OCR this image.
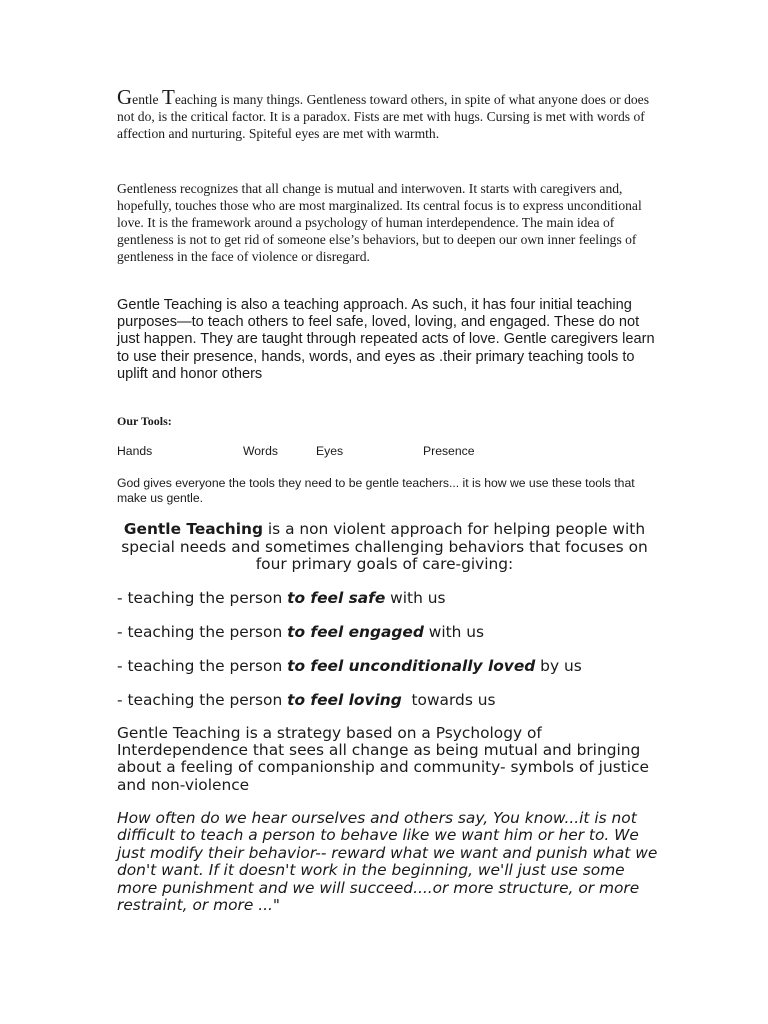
Gentle Teaching is many things. Gentleness toward others, in spite of what anyone does or does not do, is the critical factor. It is a paradox. Fists are met with hugs. Cursing is met with words of affection and nurturing. Spiteful eyes are met with warmth.
Gentleness recognizes that all change is mutual and interwoven. It starts with caregivers and, hopefully, touches those who are most marginalized. Its central focus is to express unconditional love. It is the framework around a psychology of human interdependence. The main idea of gentleness is not to get rid of someone else’s behaviors, but to deepen our own inner feelings of gentleness in the face of violence or disregard.
Gentle Teaching is also a teaching approach. As such, it has four initial teaching purposes—to teach others to feel safe, loved, loving, and engaged. These do not just happen. They are taught through repeated acts of love. Gentle caregivers learn to use their presence, hands, words, and eyes as .their primary teaching tools to uplift and honor others
Our Tools:
Hands	Words	Eyes	Presence
God gives everyone the tools they need to be gentle teachers... it is how we use these tools that make us gentle.
Gentle Teaching is a non violent approach for helping people with special needs and sometimes challenging behaviors that focuses on four primary goals of care-giving:
- teaching the person to feel safe with us
- teaching the person to feel engaged with us
- teaching the person to feel unconditionally loved by us
- teaching the person to feel loving  towards us
Gentle Teaching is a strategy based on a Psychology of Interdependence that sees all change as being mutual and bringing about a feeling of companionship and community- symbols of justice and non-violence
How often do we hear ourselves and others say, You know...it is not difficult to teach a person to behave like we want him or her to. We just modify their behavior-- reward what we want and punish what we don't want. If it doesn't work in the beginning, we'll just use some more punishment and we will succeed....or more structure, or more restraint, or more ..."
